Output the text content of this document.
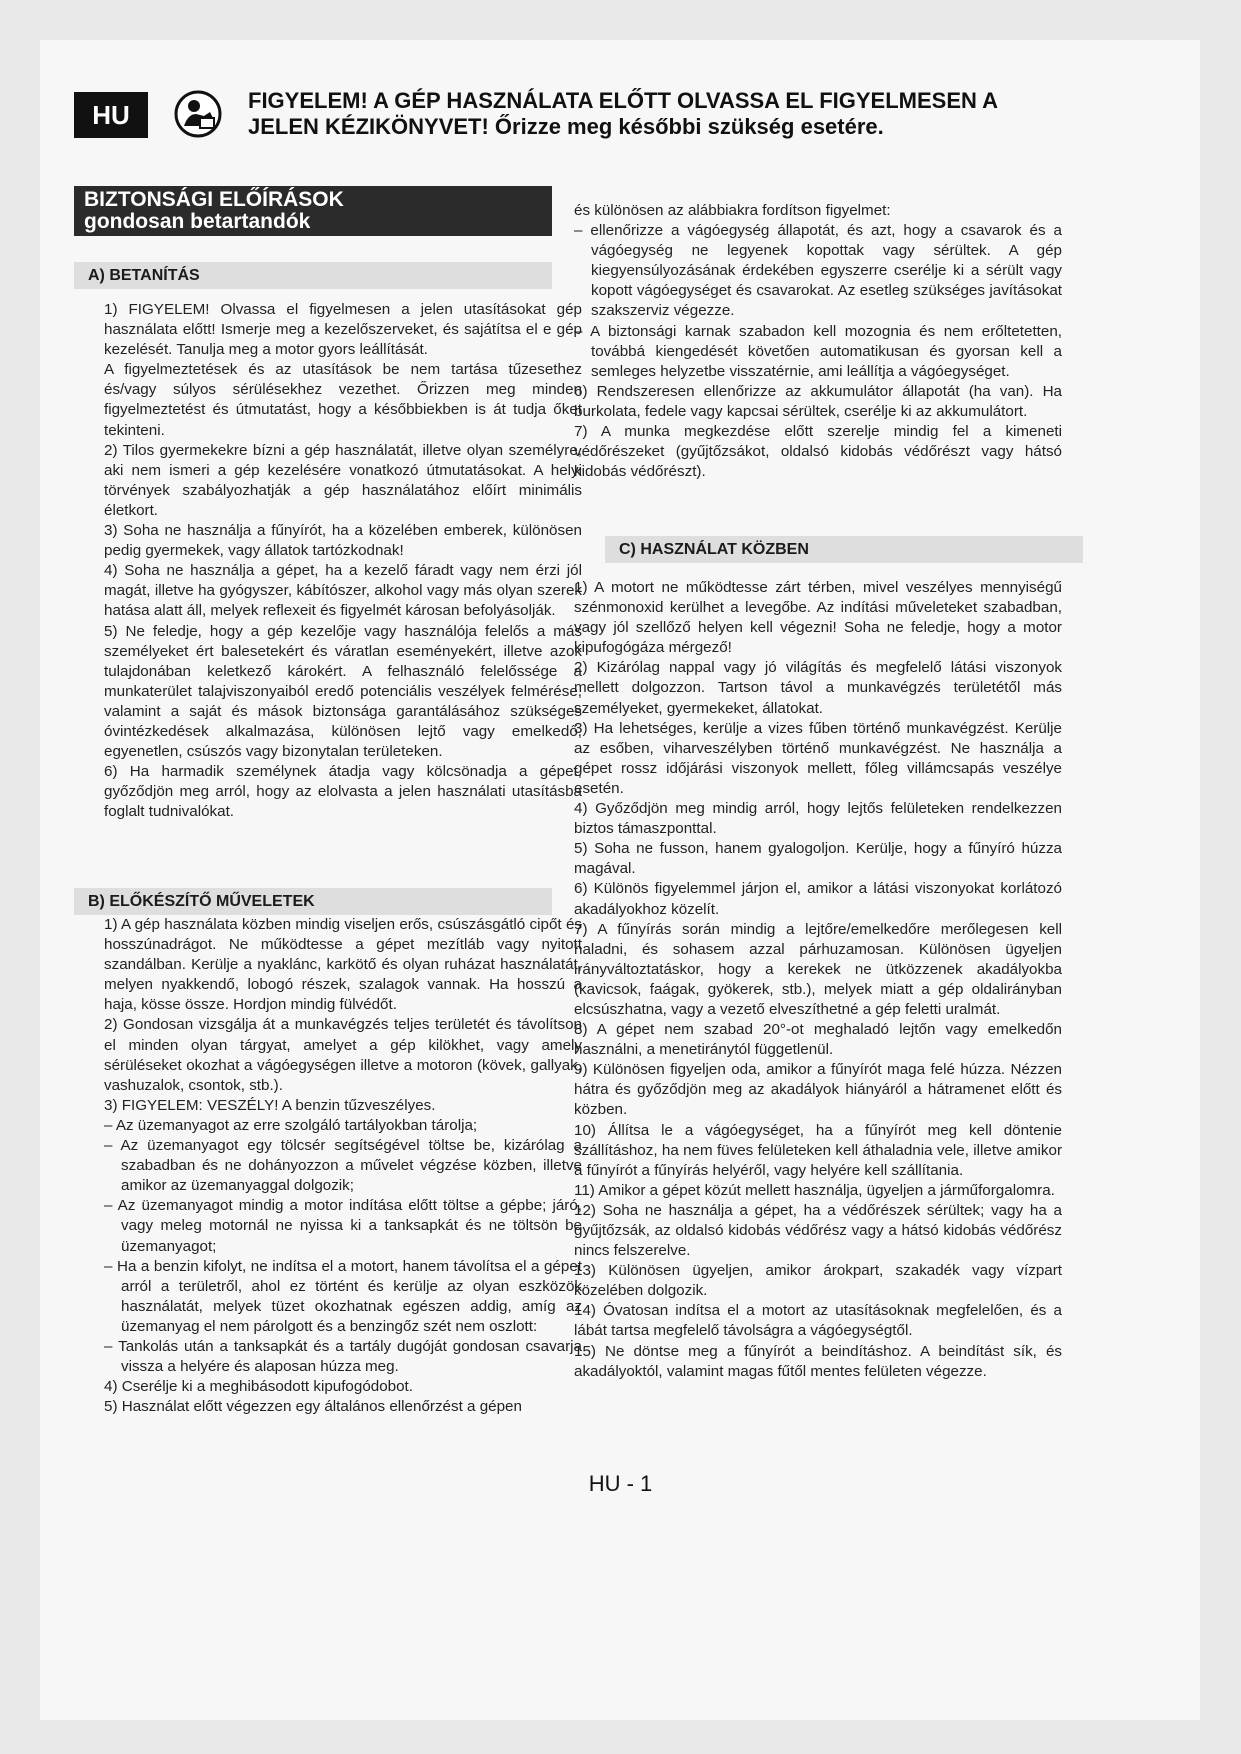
HU	FIGYELEM! A GÉP HASZNÁLATA ELŐTT OLVASSA EL FIGYELMESEN A
JELEN KÉZIKÖNYVET! Őrizze meg későbbi szükség esetére.
BIZTONSÁGI ELŐÍRÁSOK
gondosan betartandók
A) BETANÍTÁS
B) ELŐKÉSZÍTŐ MŰVELETEK
C) HASZNÁLAT KÖZBEN

1) FIGYELEM! Olvassa el figyelmesen a jelen utasításokat gép használata előtt! Ismerje meg a kezelőszerveket, és sajátítsa el e gép kezelését. Tanulja meg a motor gyors leállítását.

A figyelmeztetések és az utasítások be nem tartása tűzesethez és/vagy súlyos sérülésekhez vezethet. Őrizzen meg minden figyelmeztetést és útmutatást, hogy a későbbiekben is át tudja őket tekinteni.

2) Tilos gyermekekre bízni a gép használatát, illetve olyan személyre, aki nem ismeri a gép kezelésére vonatkozó útmutatásokat. A helyi törvények szabályozhatják a gép használatához előírt minimális életkort.

3) Soha ne használja a fűnyírót, ha a közelében emberek, különösen pedig gyermekek, vagy állatok tartózkodnak!

4) Soha ne használja a gépet, ha a kezelő fáradt vagy nem érzi jól magát, illetve ha gyógyszer, kábítószer, alkohol vagy más olyan szerek hatása alatt áll, melyek reflexeit és figyelmét károsan befolyásolják.

5) Ne feledje, hogy a gép kezelője vagy használója felelős a más személyeket ért balesetekért és váratlan eseményekért, illetve azok tulajdonában keletkező károkért. A felhasználó felelőssége a munkaterület talajviszonyaiból eredő potenciális veszélyek felmérése, valamint a saját és mások biztonsága garantálásához szükséges óvintézkedések alkalmazása, különösen lejtő vagy emelkedő, egyenetlen, csúszós vagy bizonytalan területeken.

6) Ha harmadik személynek átadja vagy kölcsönadja a gépet, győződjön meg arról, hogy az elolvasta a jelen használati utasításba foglalt tudnivalókat.

1) A gép használata közben mindig viseljen erős, csúszásgátló cipőt és hosszúnadrágot. Ne működtesse a gépet mezítláb vagy nyitott szandálban. Kerülje a nyaklánc, karkötő és olyan ruházat használatát, melyen nyakkendő, lobogó részek, szalagok vannak. Ha hosszú a haja, kösse össze. Hordjon mindig fülvédőt.

2) Gondosan vizsgálja át a munkavégzés teljes területét és távolítson el minden olyan tárgyat, amelyet a gép kilökhet, vagy amely sérüléseket okozhat a vágóegységen illetve a motoron (kövek, gallyak, vashuzalok, csontok, stb.).

3) FIGYELEM: VESZÉLY! A benzin tűzveszélyes.

– Az üzemanyagot az erre szolgáló tartályokban tárolja;

– Az üzemanyagot egy tölcsér segítségével töltse be, kizárólag a szabadban és ne dohányozzon a művelet végzése közben, illetve amikor az üzemanyaggal dolgozik;

– Az üzemanyagot mindig a motor indítása előtt töltse a gépbe; járó, vagy meleg motornál ne nyissa ki a tanksapkát és ne töltsön be üzemanyagot;

– Ha a benzin kifolyt, ne indítsa el a motort, hanem távolítsa el a gépet arról a területről, ahol ez történt és kerülje az olyan eszközök használatát, melyek tüzet okozhatnak egészen addig, amíg az üzemanyag el nem párolgott és a benzingőz szét nem oszlott:

– Tankolás után a tanksapkát és a tartály dugóját gondosan csavarja vissza a helyére és alaposan húzza meg.

4) Cserélje ki a meghibásodott kipufogódobot.

5) Használat előtt végezzen egy általános ellenőrzést a gépen

és különösen az alábbiakra fordítson figyelmet:

– ellenőrizze a vágóegység állapotát, és azt, hogy a csavarok és a vágóegység ne legyenek kopottak vagy sérültek. A gép kiegyensúlyozásának érdekében egyszerre cserélje ki a sérült vagy kopott vágóegységet és csavarokat. Az esetleg szükséges javításokat szakszerviz végezze.

– A biztonsági karnak szabadon kell mozognia és nem erőltetetten, továbbá kiengedését követően automatikusan és gyorsan kell a semleges helyzetbe visszatérnie, ami leállítja a vágóegységet.

6) Rendszeresen ellenőrizze az akkumulátor állapotát (ha van). Ha burkolata, fedele vagy kapcsai sérültek, cserélje ki az akkumulátort.

7) A munka megkezdése előtt szerelje mindig fel a kimeneti védőrészeket (gyűjtőzsákot, oldalsó kidobás védőrészt vagy hátsó kidobás védőrészt).

1) A motort ne működtesse zárt térben, mivel veszélyes mennyiségű szénmonoxid kerülhet a levegőbe. Az indítási műveleteket szabadban, vagy jól szellőző helyen kell végezni! Soha ne feledje, hogy a motor kipufogógáza mérgező!

2) Kizárólag nappal vagy jó világítás és megfelelő látási viszonyok mellett dolgozzon. Tartson távol a munkavégzés területétől más személyeket, gyermekeket, állatokat.

3) Ha lehetséges, kerülje a vizes fűben történő munkavégzést. Kerülje az esőben, viharveszélyben történő munkavégzést. Ne használja a gépet rossz időjárási viszonyok mellett, főleg villámcsapás veszélye esetén.

4) Győződjön meg mindig arról, hogy lejtős felületeken rendelkezzen biztos támaszponttal.

5) Soha ne fusson, hanem gyalogoljon. Kerülje, hogy a fűnyíró húzza magával.

6) Különös figyelemmel járjon el, amikor a látási viszonyokat korlátozó akadályokhoz közelít.

7) A fűnyírás során mindig a lejtőre/emelkedőre merőlegesen kell haladni, és sohasem azzal párhuzamosan. Különösen ügyeljen irányváltoztatáskor, hogy a kerekek ne ütközzenek akadályokba (kavicsok, faágak, gyökerek, stb.), melyek miatt a gép oldalirányban elcsúszhatna, vagy a vezető elveszíthetné a gép feletti uralmát.

8) A gépet nem szabad 20°-ot meghaladó lejtőn vagy emelkedőn használni, a menetiránytól függetlenül.

9) Különösen figyeljen oda, amikor a fűnyírót maga felé húzza. Nézzen hátra és győződjön meg az akadályok hiányáról a hátramenet előtt és közben.

10) Állítsa le a vágóegységet, ha a fűnyírót meg kell döntenie szállításhoz, ha nem füves felületeken kell áthaladnia vele, illetve amikor a fűnyírót a fűnyírás helyéről, vagy helyére kell szállítania.

11) Amikor a gépet közút mellett használja, ügyeljen a járműforgalomra.

12) Soha ne használja a gépet, ha a védőrészek sérültek; vagy ha a gyűjtőzsák, az oldalsó kidobás védőrész vagy a hátsó kidobás védőrész nincs felszerelve.

13) Különösen ügyeljen, amikor árokpart, szakadék vagy vízpart közelében dolgozik.

14) Óvatosan indítsa el a motort az utasításoknak megfelelően, és a lábát tartsa megfelelő távolságra a vágóegységtől.

15) Ne döntse meg a fűnyírót a beindításhoz. A beindítást sík, és akadályoktól, valamint magas fűtől mentes felületen végezze.

HU - 1
